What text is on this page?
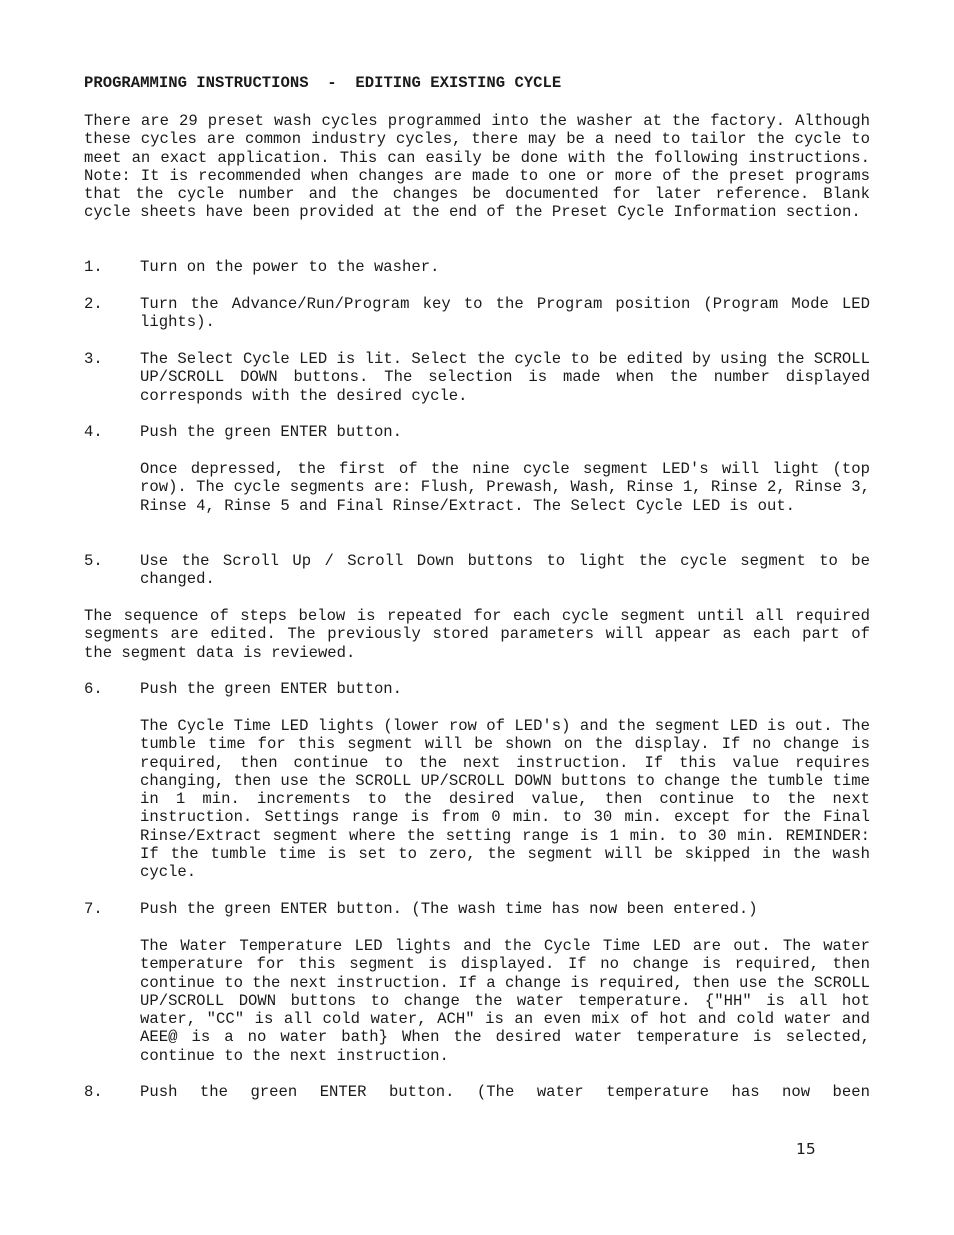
PROGRAMMING INSTRUCTIONS  -  EDITING EXISTING CYCLE
There are 29 preset wash cycles programmed into the washer at the factory. Although these cycles are common industry cycles, there may be a need to tailor the cycle to meet an exact application. This can easily be done with the following instructions. Note: It is recommended when changes are made to one or more of the preset programs that the cycle number and the changes be documented for later reference. Blank cycle sheets have been provided at the end of the Preset Cycle Information section.
1.	Turn on the power to the washer.
2.	Turn the Advance/Run/Program key to the Program position (Program Mode LED lights).
3.	The Select Cycle LED is lit. Select the cycle to be edited by using the SCROLL UP/SCROLL DOWN buttons. The selection is made when the number displayed corresponds with the desired cycle.
4.	Push the green ENTER button.
Once depressed, the first of the nine cycle segment LED's will light (top row). The cycle segments are: Flush, Prewash, Wash, Rinse 1, Rinse 2, Rinse 3, Rinse 4, Rinse 5 and Final Rinse/Extract. The Select Cycle LED is out.
5.	Use the Scroll Up / Scroll Down buttons to light the cycle segment to be changed.
The sequence of steps below is repeated for each cycle segment until all required segments are edited. The previously stored parameters will appear as each part of the segment data is reviewed.
6.	Push the green ENTER button.
The Cycle Time LED lights (lower row of LED's) and the segment LED is out. The tumble time for this segment will be shown on the display. If no change is required, then continue to the next instruction. If this value requires changing, then use the SCROLL UP/SCROLL DOWN buttons to change the tumble time in 1 min. increments to the desired value, then continue to the next instruction. Settings range is from 0 min. to 30 min. except for the Final Rinse/Extract segment where the setting range is 1 min. to 30 min. REMINDER: If the tumble time is set to zero, the segment will be skipped in the wash cycle.
7.	Push the green ENTER button. (The wash time has now been entered.)
The Water Temperature LED lights and the Cycle Time LED are out. The water temperature for this segment is displayed. If no change is required, then continue to the next instruction. If a change is required, then use the SCROLL UP/SCROLL DOWN buttons to change the water temperature. {"HH" is all hot water, "CC" is all cold water, ACH" is an even mix of hot and cold water and AEE@ is a no water bath} When the desired water temperature is selected, continue to the next instruction.
8.	Push the green ENTER button. (The water temperature has now been
15
